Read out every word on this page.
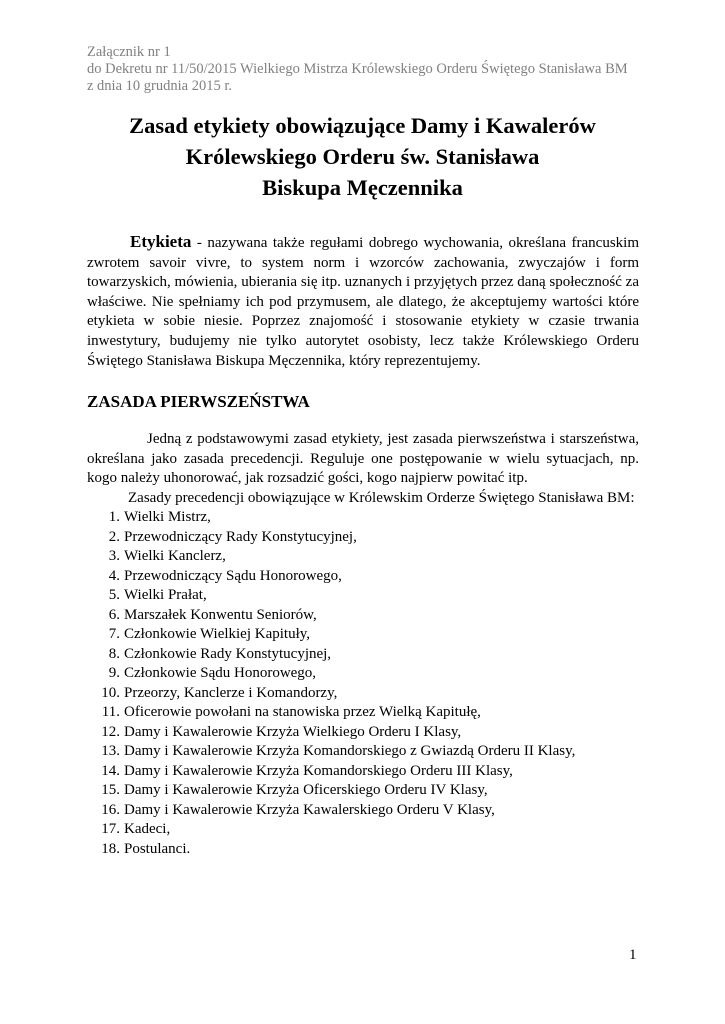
Załącznik nr 1
do Dekretu nr 11/50/2015 Wielkiego Mistrza Królewskiego Orderu Świętego Stanisława BM
z dnia 10 grudnia 2015 r.
Zasad etykiety obowiązujące Damy i Kawalerów
Królewskiego Orderu św. Stanisława
Biskupa Męczennika
Etykieta - nazywana także regułami dobrego wychowania, określana francuskim zwrotem savoir vivre, to system norm i wzorców zachowania, zwyczajów i form towarzyskich, mówienia, ubierania się itp. uznanych i przyjętych przez daną społeczność za właściwe. Nie spełniamy ich pod przymusem, ale dlatego, że akceptujemy wartości które etykieta w sobie niesie. Poprzez znajomość i stosowanie etykiety w czasie trwania inwestytury, budujemy nie tylko autorytet osobisty, lecz także Królewskiego Orderu Świętego Stanisława Biskupa Męczennika, który reprezentujemy.
ZASADA PIERWSZEŃSTWA
Jedną z podstawowymi zasad etykiety, jest zasada pierwszeństwa i starszeństwa, określana jako zasada precedencji. Reguluje one postępowanie w wielu sytuacjach, np. kogo należy uhonorować, jak rozsadzić gości, kogo najpierw powitać itp.
Zasady precedencji obowiązujące w Królewskim Orderze Świętego Stanisława BM:
1. Wielki Mistrz,
2. Przewodniczący Rady Konstytucyjnej,
3. Wielki Kanclerz,
4. Przewodniczący Sądu Honorowego,
5. Wielki Prałat,
6. Marszałek Konwentu Seniorów,
7. Członkowie Wielkiej Kapituły,
8. Członkowie Rady Konstytucyjnej,
9. Członkowie Sądu Honorowego,
10. Przeorzy, Kanclerze i Komandorzy,
11. Oficerowie powołani na stanowiska przez Wielką Kapitułę,
12. Damy i Kawalerowie Krzyża Wielkiego Orderu I Klasy,
13. Damy i Kawalerowie Krzyża Komandorskiego z Gwiazdą Orderu II Klasy,
14. Damy i Kawalerowie Krzyża Komandorskiego Orderu III Klasy,
15. Damy i Kawalerowie Krzyża Oficerskiego Orderu IV Klasy,
16. Damy i Kawalerowie Krzyża Kawalerskiego Orderu V Klasy,
17. Kadeci,
18. Postulanci.
1
